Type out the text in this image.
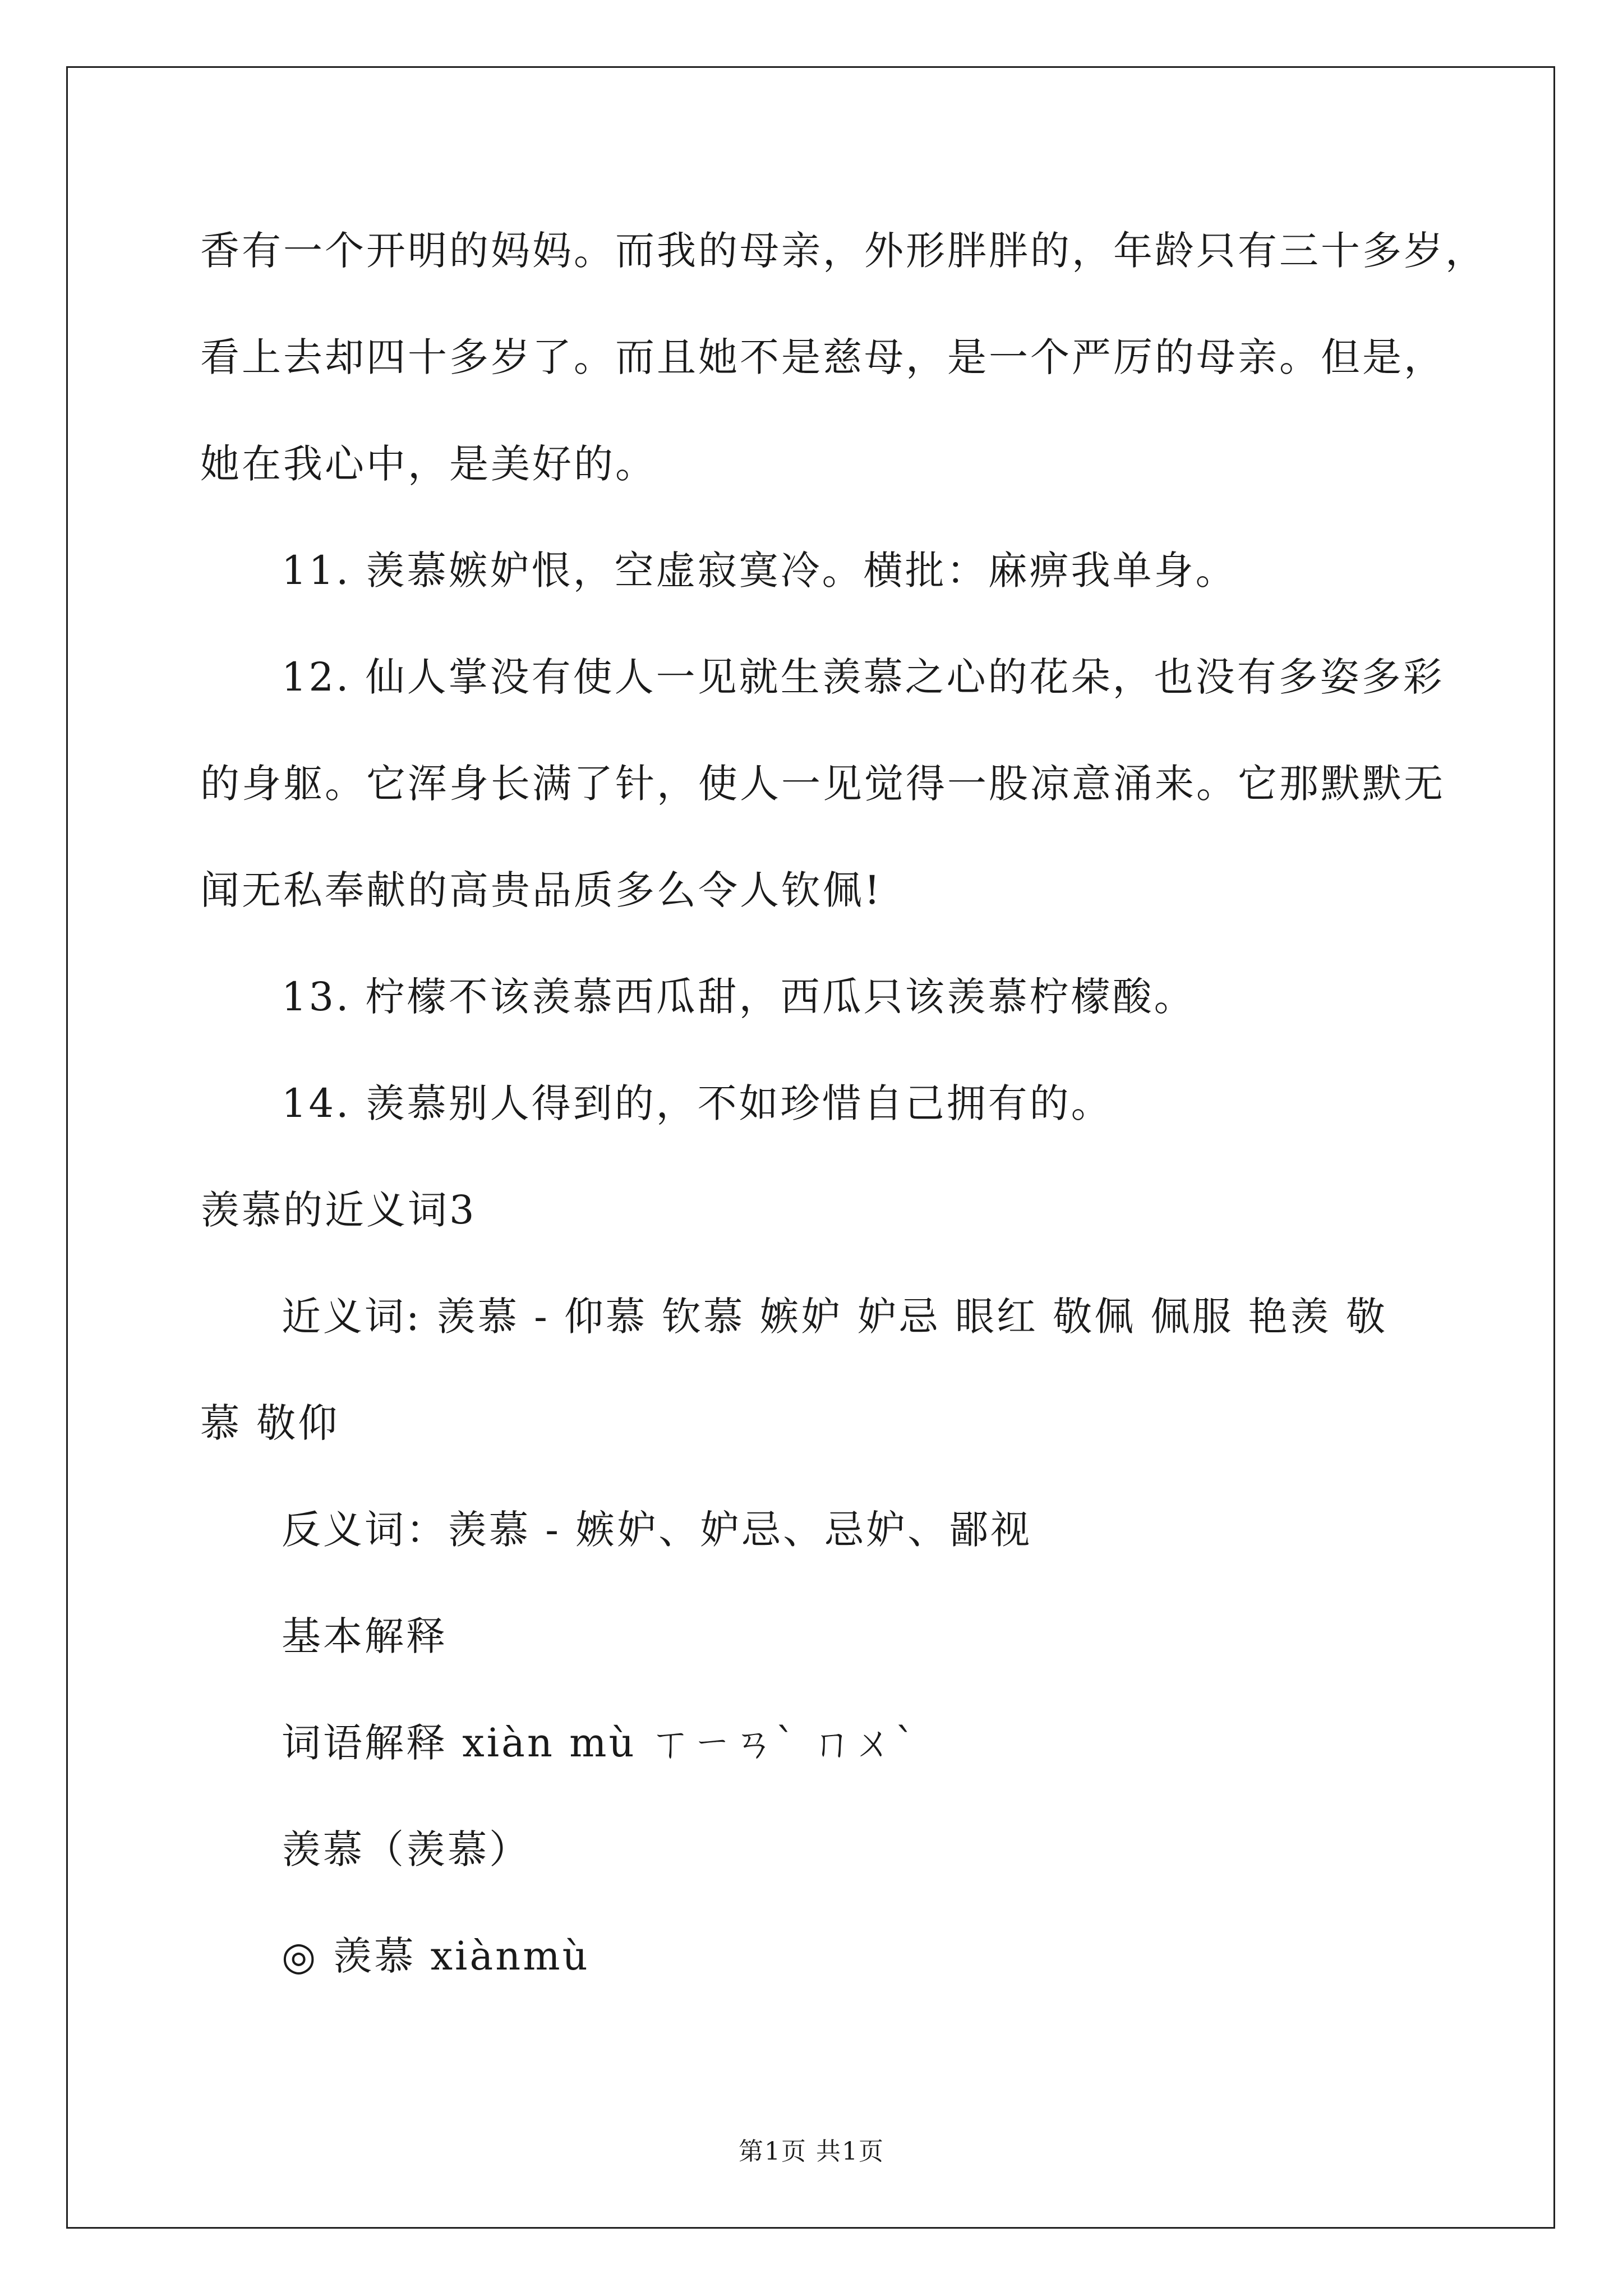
香有一个开明的妈妈。而我的母亲，外形胖胖的，年龄只有三十多岁，
看上去却四十多岁了。而且她不是慈母，是一个严厉的母亲。但是，
她在我心中，是美好的。
11. 羡慕嫉妒恨，空虚寂寞冷。横批：麻痹我单身。
12. 仙人掌没有使人一见就生羡慕之心的花朵，也没有多姿多彩
的身躯。它浑身长满了针，使人一见觉得一股凉意涌来。它那默默无
闻无私奉献的高贵品质多么令人钦佩!
13. 柠檬不该羡慕西瓜甜，西瓜只该羡慕柠檬酸。
14. 羡慕别人得到的，不如珍惜自己拥有的。
羡慕的近义词3
近义词: 羡慕 - 仰慕 钦慕 嫉妒 妒忌 眼红 敬佩 佩服 艳羡 敬
慕 敬仰
反义词：羡慕 - 嫉妒、妒忌、忌妒、鄙视
基本解释
词语解释 xiàn mù ㄒㄧㄢˋ ㄇㄨˋ
羡慕（羡慕）
◎ 羡慕 xiànmù
第1页 共1页
